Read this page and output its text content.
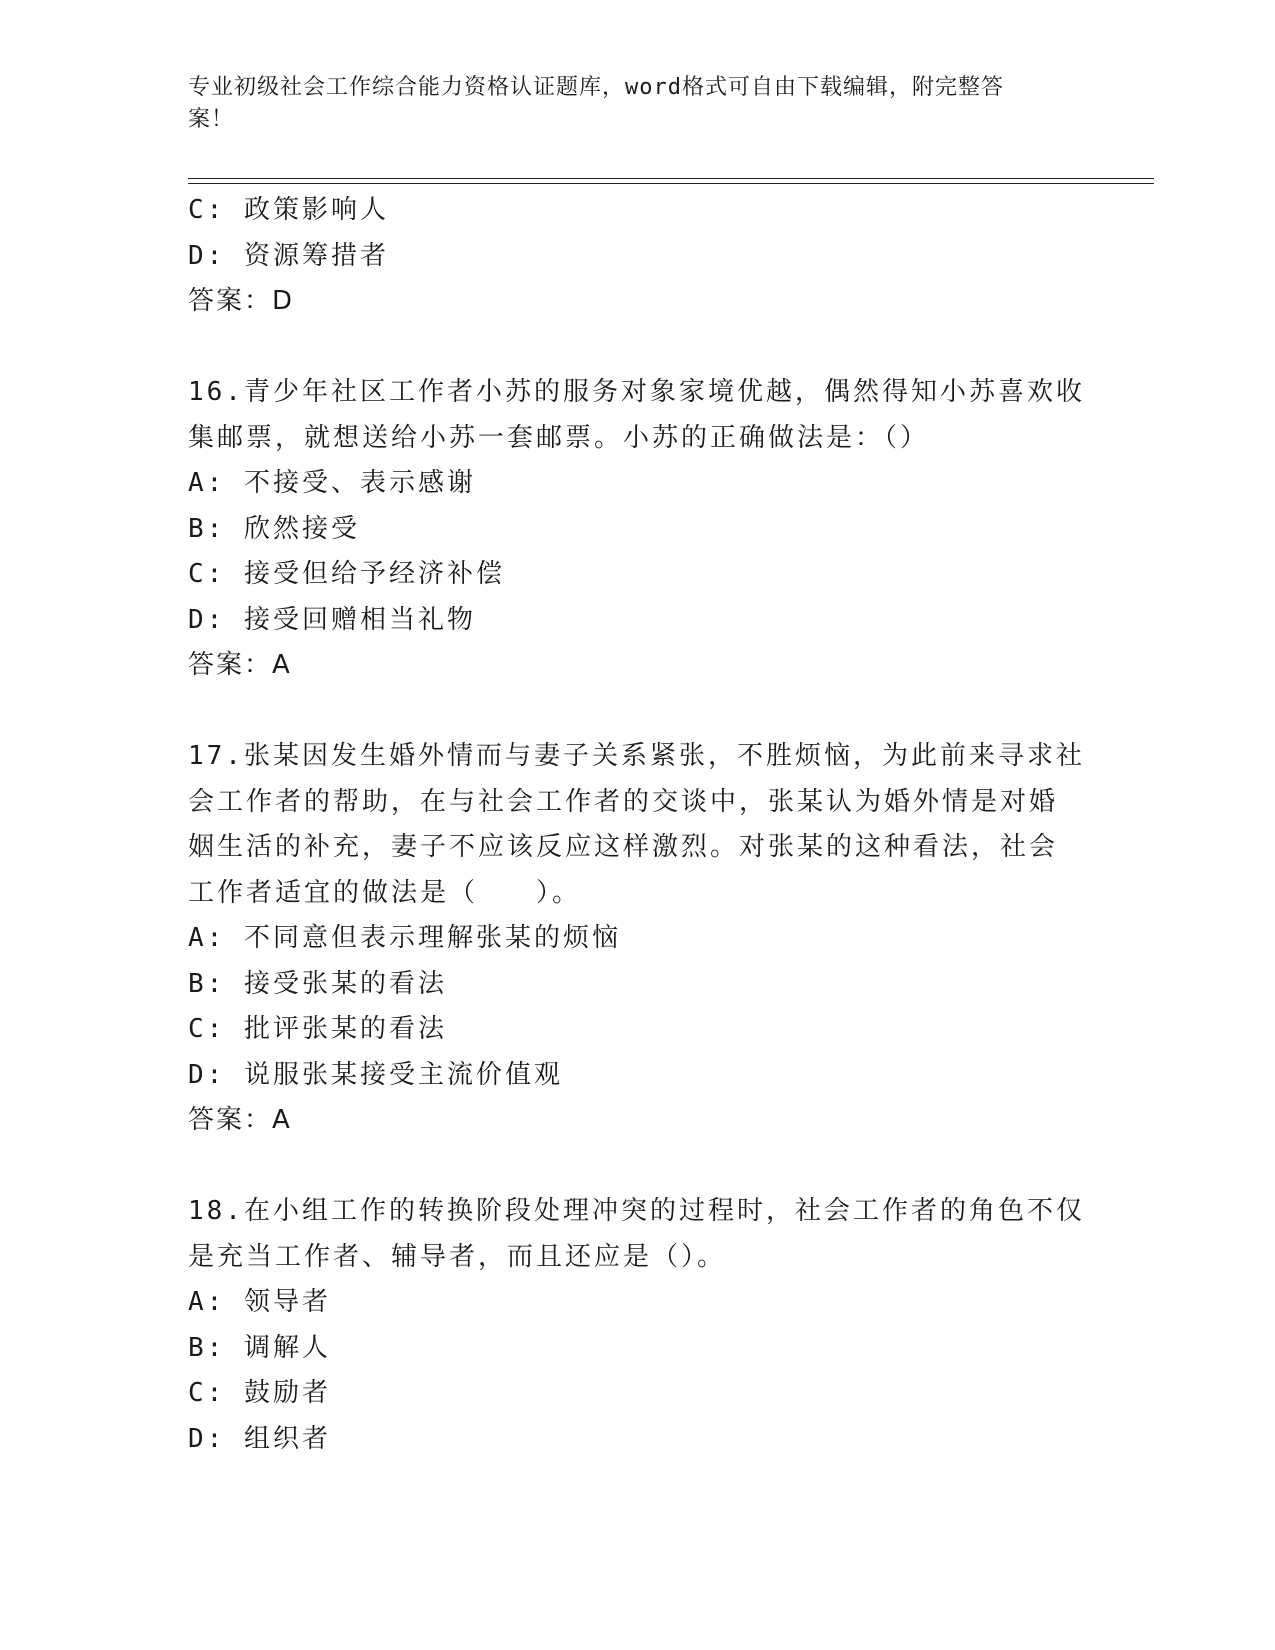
专业初级社会工作综合能力资格认证题库，word格式可自由下载编辑，附完整答
案！
C: 政策影响人
D: 资源筹措者
答案：D
16.青少年社区工作者小苏的服务对象家境优越，偶然得知小苏喜欢收
集邮票，就想送给小苏一套邮票。小苏的正确做法是：（）
A: 不接受、表示感谢
B: 欣然接受
C: 接受但给予经济补偿
D: 接受回赠相当礼物
答案：A
17.张某因发生婚外情而与妻子关系紧张，不胜烦恼，为此前来寻求社
会工作者的帮助，在与社会工作者的交谈中，张某认为婚外情是对婚
姻生活的补充，妻子不应该反应这样激烈。对张某的这种看法，社会
工作者适宜的做法是（　　）。
A: 不同意但表示理解张某的烦恼
B: 接受张某的看法
C: 批评张某的看法
D: 说服张某接受主流价值观
答案：A
18.在小组工作的转换阶段处理冲突的过程时，社会工作者的角色不仅
是充当工作者、辅导者，而且还应是（）。
A: 领导者
B: 调解人
C: 鼓励者
D: 组织者
